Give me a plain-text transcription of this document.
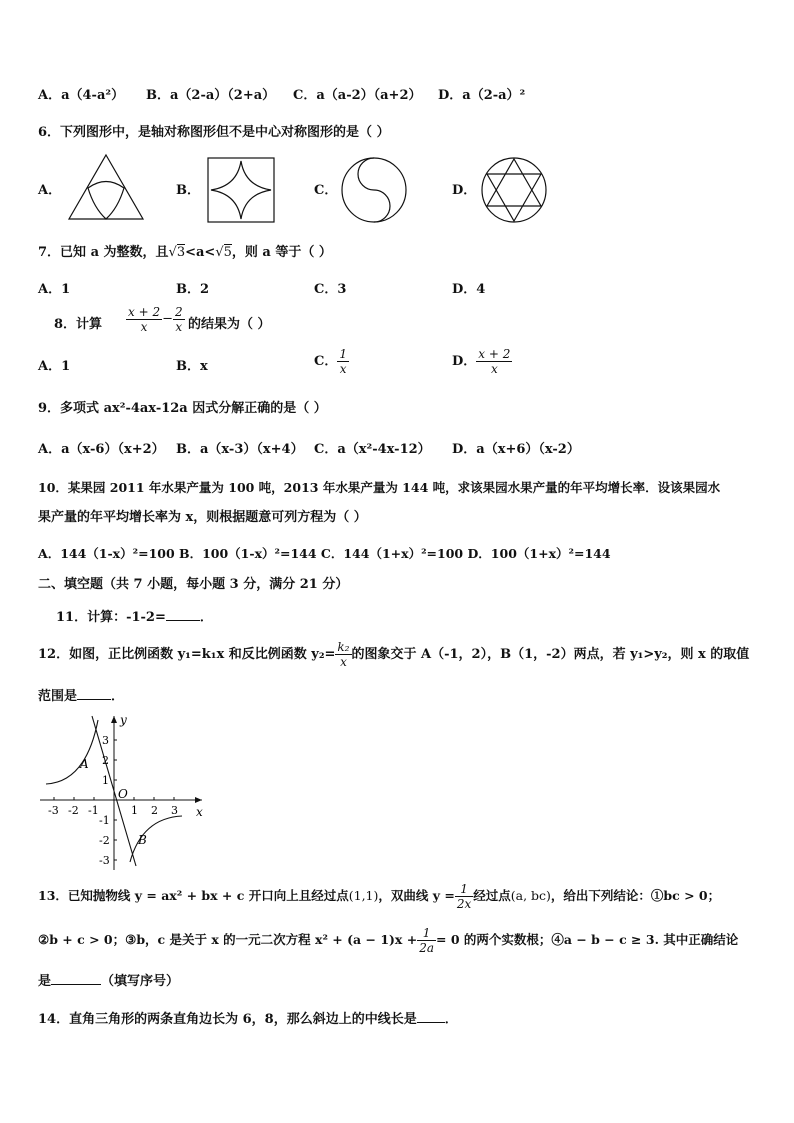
A．a（4-a²） B．a（2-a）（2+a） C．a（a-2）（a+2） D．a（2-a）²
6．下列图形中，是轴对称图形但不是中心对称图形的是（ ）
A．	B．	C．	D．
7．已知 a 为整数，且√3<a<√5，则 a 等于（ ）
A．1	B．2	C．3	D．4
8．计算 $\frac{x + 2}{x} - \frac{2}{x}$ 的结果为（ ）
A．1	B．x	C． $\frac{1}{x}$	D． $\frac{x + 2}{x}$
9．多项式 ax²-4ax-12a 因式分解正确的是（ ）
A．a（x-6）（x+2） B．a（x-3）（x+4） C．a（x²-4x-12） D．a（x+6）（x-2）
10．某果园 2011 年水果产量为 100 吨，2013 年水果产量为 144 吨，求该果园水果产量的年平均增长率．设该果园水
果产量的年平均增长率为 x，则根据题意可列方程为（ ）
A．144（1-x）²=100 B．100（1-x）²=144 C．144（1+x）²=100 D．100（1+x）²=144
二、填空题（共 7 小题，每小题 3 分，满分 21 分）
11．计算：-1-2=	．
12．如图，正比例函数 y₁=k₁x 和反比例函数 $y_2= \frac{\text{k₂}}{x}$ 的图象交于 A（-1，2），B（1，-2）两点，若 y₁>y₂，则 x 的取值
范围是	．
-3 -2 -1	1 2 3
3
2
1
-1
-2
-3
x
y
O
A
B
13．已知抛物线 y = ax² + bx + c 开口向上且经过点(1,1)，双曲线 $y = \frac{1}{2x}$ 经过点(a, bc)，给出下列结论：①bc > 0；
②b + c > 0；③b，c 是关于 x 的一元二次方程 $x^2 + (a - 1)x + \frac{1}{2a} = 0$ 的两个实数根；④a − b − c ≥ 3. 其中正确结论
是	（填写序号）
14．直角三角形的两条直角边长为 6，8，那么斜边上的中线长是 ．
